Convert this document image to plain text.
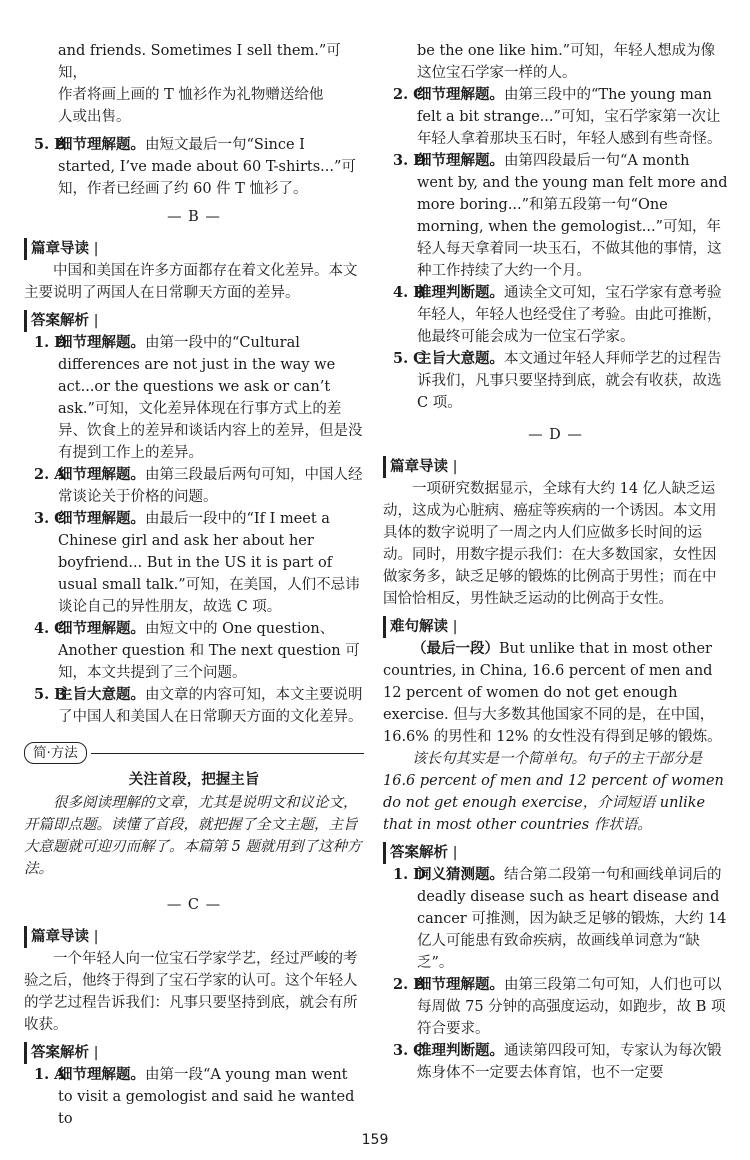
and friends. Sometimes I sell them.”可知，
作者将画上画的 T 恤衫作为礼物赠送给他
人或出售。
5. B
细节理解题。由短文最后一句“Since I
started, I’ve made about 60 T-shirts...”可
知，作者已经画了约 60 件 T 恤衫了。
— B —
篇章导读 |

中国和美国在许多方面都存在着文化差异。本文主要说明了两国人在日常聊天方面的差异。

答案解析 |
1. D
细节理解题。由第一段中的“Cultural differences are not just in the way we act...or the questions we ask or can’t ask.”可知，文化差异体现在行事方式上的差异、饮食上的差异和谈话内容上的差异，但是没有提到工作上的差异。
2. A
细节理解题。由第三段最后两句可知，中国人经常谈论关于价格的问题。
3. C
细节理解题。由最后一段中的“If I meet a Chinese girl and ask her about her boyfriend... But in the US it is part of usual small talk.”可知，在美国，人们不忌讳谈论自己的异性朋友，故选 C 项。
4. C
细节理解题。由短文中的 One question、Another question 和 The next question 可知，本文共提到了三个问题。
5. B
主旨大意题。由文章的内容可知，本文主要说明了中国人和美国人在日常聊天方面的文化差异。
简·方法
关注首段，把握主旨

很多阅读理解的文章，尤其是说明文和议论文，开篇即点题。读懂了首段，就把握了全文主题，主旨大意题就可迎刃而解了。本篇第 5 题就用到了这种方法。

— C —
篇章导读 |

一个年轻人向一位宝石学家学艺，经过严峻的考验之后，他终于得到了宝石学家的认可。这个年轻人的学艺过程告诉我们：凡事只要坚持到底，就会有所收获。

答案解析 |
1. A
细节理解题。由第一段“A young man went to visit a gemologist and said he wanted to
be the one like him.”可知，年轻人想成为像这位宝石学家一样的人。
2. C
细节理解题。由第三段中的“The young man felt a bit strange...”可知，宝石学家第一次让年轻人拿着那块玉石时，年轻人感到有些奇怪。
3. D
细节理解题。由第四段最后一句“A month went by, and the young man felt more and more boring...”和第五段第一句“One morning, when the gemologist...”可知，年轻人每天拿着同一块玉石，不做其他的事情，这种工作持续了大约一个月。
4. B
推理判断题。通读全文可知，宝石学家有意考验年轻人，年轻人也经受住了考验。由此可推断，他最终可能会成为一位宝石学家。
5. C
主旨大意题。本文通过年轻人拜师学艺的过程告诉我们，凡事只要坚持到底，就会有收获，故选 C 项。
— D —
篇章导读 |

一项研究数据显示，全球有大约 14 亿人缺乏运动，这成为心脏病、癌症等疾病的一个诱因。本文用具体的数字说明了一周之内人们应做多长时间的运动。同时，用数字提示我们：在大多数国家，女性因做家务多，缺乏足够的锻炼的比例高于男性；而在中国恰恰相反，男性缺乏运动的比例高于女性。

难句解读 |

（最后一段）But unlike that in most other countries, in China, 16.6 percent of men and 12 percent of women do not get enough exercise. 但与大多数其他国家不同的是，在中国，16.6% 的男性和 12% 的女性没有得到足够的锻炼。

该长句其实是一个简单句。句子的主干部分是 16.6 percent of men and 12 percent of women do not get enough exercise，介词短语 unlike that in most other countries 作状语。

答案解析 |
1. D
词义猜测题。结合第二段第一句和画线单词后的 deadly disease such as heart disease and cancer 可推测，因为缺乏足够的锻炼，大约 14 亿人可能患有致命疾病，故画线单词意为“缺乏”。
2. B
细节理解题。由第三段第二句可知，人们也可以每周做 75 分钟的高强度运动，如跑步，故 B 项符合要求。
3. C
推理判断题。通读第四段可知，专家认为每次锻炼身体不一定要去体育馆，也不一定要
159
